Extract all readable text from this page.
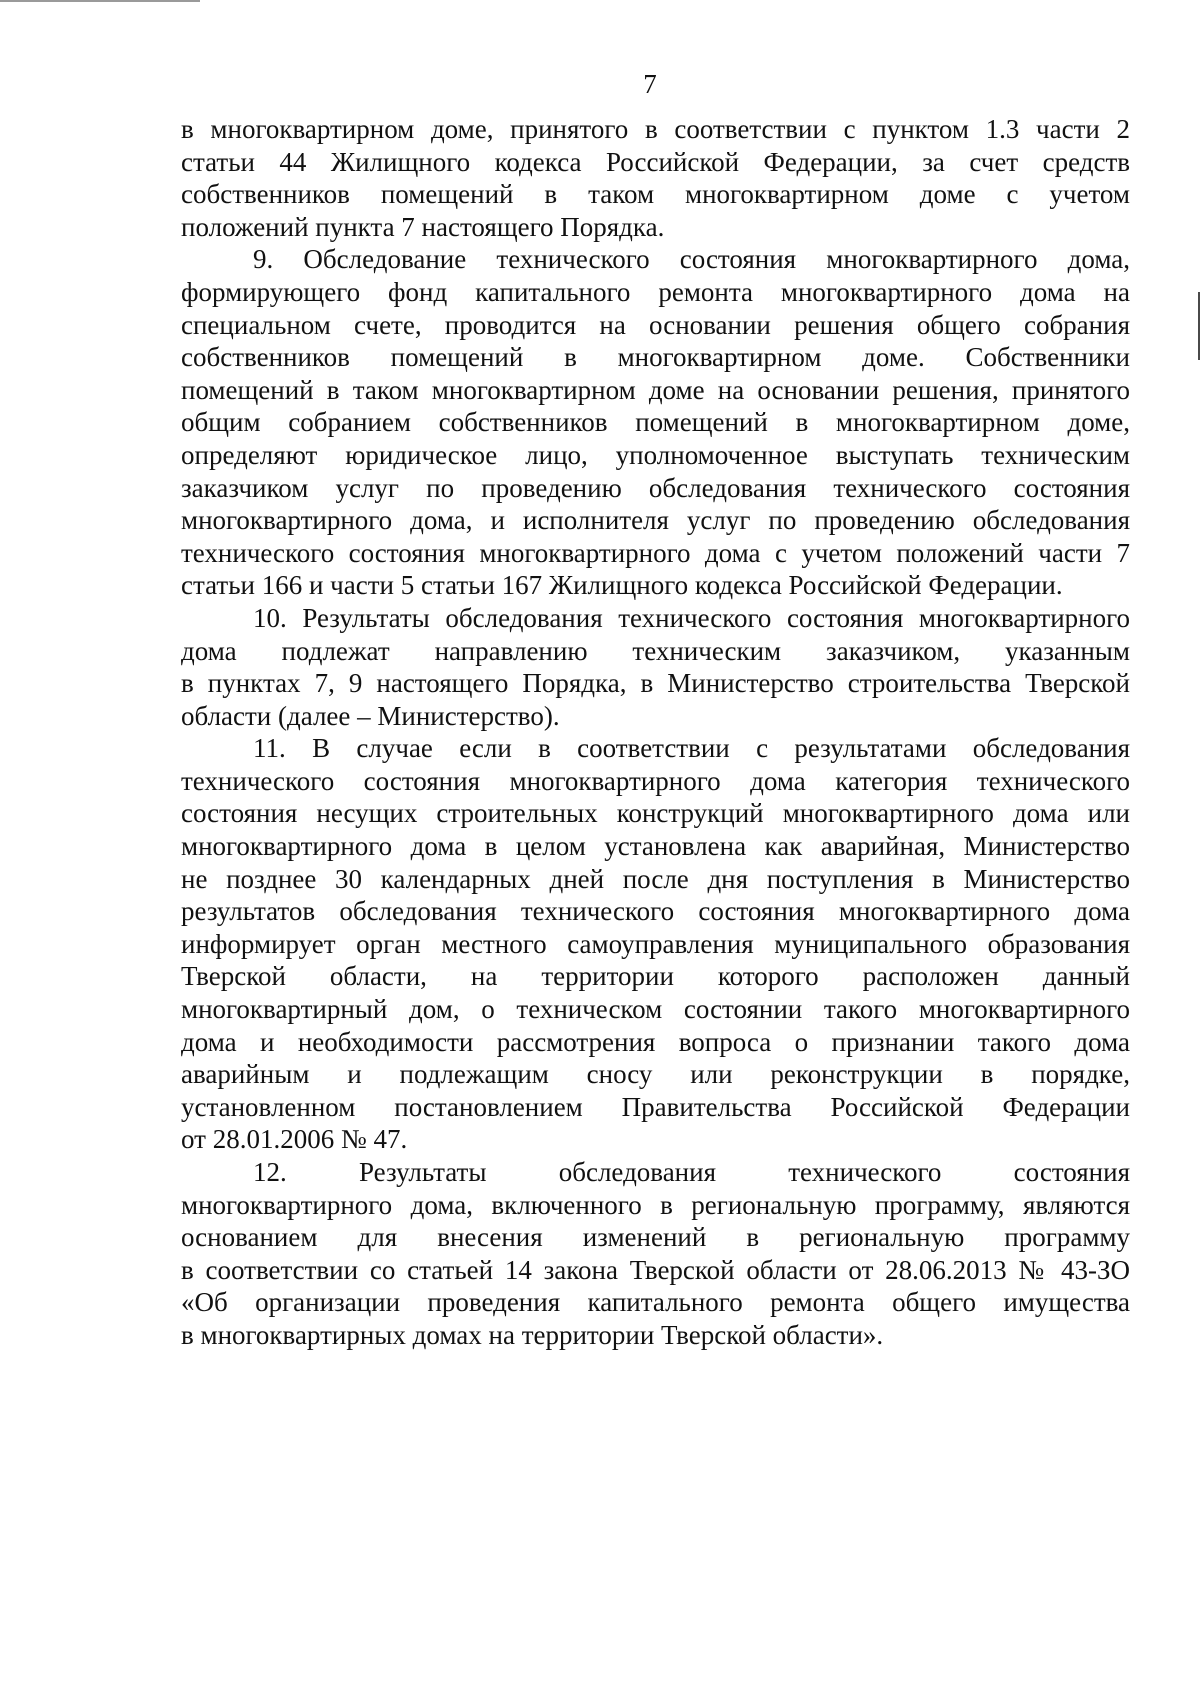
7
в многоквартирном доме, принятого в соответствии с пунктом 1.3 части 2
статьи 44 Жилищного кодекса Российской Федерации, за счет средств
собственников помещений в таком многоквартирном доме с учетом
положений пункта 7 настоящего Порядка.
9. Обследование технического состояния многоквартирного дома,
формирующего фонд капитального ремонта многоквартирного дома на
специальном счете, проводится на основании решения общего собрания
собственников помещений в многоквартирном доме. Собственники
помещений в таком многоквартирном доме на основании решения, принятого
общим собранием собственников помещений в многоквартирном доме,
определяют юридическое лицо, уполномоченное выступать техническим
заказчиком услуг по проведению обследования технического состояния
многоквартирного дома, и исполнителя услуг по проведению обследования
технического состояния многоквартирного дома с учетом положений части 7
статьи 166 и части 5 статьи 167 Жилищного кодекса Российской Федерации.
10. Результаты обследования технического состояния многоквартирного
дома подлежат направлению техническим заказчиком, указанным
в пунктах 7, 9 настоящего Порядка, в Министерство строительства Тверской
области (далее – Министерство).
11. В случае если в соответствии с результатами обследования
технического состояния многоквартирного дома категория технического
состояния несущих строительных конструкций многоквартирного дома или
многоквартирного дома в целом установлена как аварийная, Министерство
не позднее 30 календарных дней после дня поступления в Министерство
результатов обследования технического состояния многоквартирного дома
информирует орган местного самоуправления муниципального образования
Тверской области, на территории которого расположен данный
многоквартирный дом, о техническом состоянии такого многоквартирного
дома и необходимости рассмотрения вопроса о признании такого дома
аварийным и подлежащим сносу или реконструкции в порядке,
установленном постановлением Правительства Российской Федерации
от 28.01.2006 № 47.
12. Результаты обследования технического состояния
многоквартирного дома, включенного в региональную программу, являются
основанием для внесения изменений в региональную программу
в соответствии со статьей 14 закона Тверской области от 28.06.2013 № 43-ЗО
«Об организации проведения капитального ремонта общего имущества
в многоквартирных домах на территории Тверской области».
